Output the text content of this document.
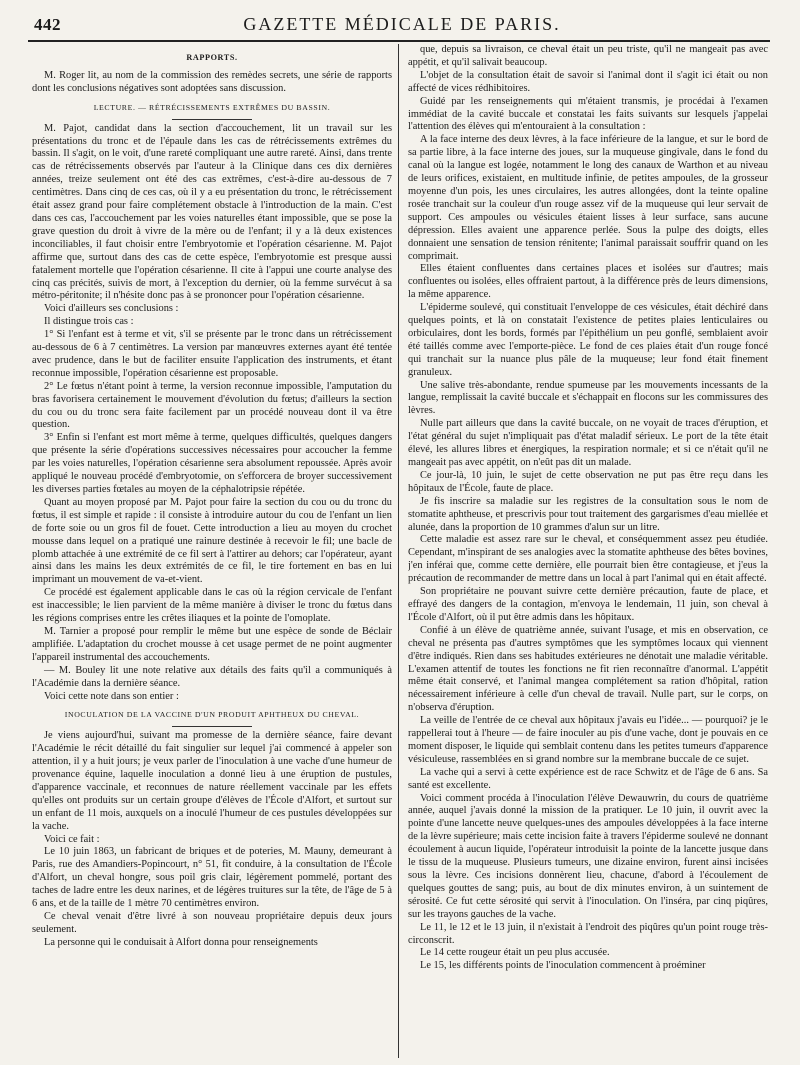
442	GAZETTE MÉDICALE DE PARIS.

RAPPORTS.

M. Roger lit, au nom de la commission des remèdes secrets, une série de rapports dont les conclusions négatives sont adoptées sans discussion.

LECTURE. — RÉTRÉCISSEMENTS EXTRÊMES DU BASSIN.

M. Pajot, candidat dans la section d'accouchement, lit un travail sur les présentations du tronc et de l'épaule dans les cas de rétrécissements extrêmes du bassin. Il s'agit, on le voit, d'une rareté compliquant une autre rareté. Ainsi, dans trente cas de rétrécissements observés par l'auteur à la Clinique dans ces dix dernières années, treize seulement ont été des cas extrêmes, c'est-à-dire au-dessous de 7 centimètres. Dans cinq de ces cas, où il y a eu présentation du tronc, le rétrécissement était assez grand pour faire complétement obstacle à l'introduction de la main. C'est dans ces cas, l'accouchement par les voies naturelles étant impossible, que se pose la grave question du droit à vivre de la mère ou de l'enfant; il y a là deux existences inconciliables, il faut choisir entre l'embryotomie et l'opération césarienne. M. Pajot affirme que, surtout dans des cas de cette espèce, l'embryotomie est presque aussi fatalement mortelle que l'opération césarienne. Il cite à l'appui une courte analyse des cinq cas précités, suivis de mort, à l'exception du dernier, où la femme survécut à sa métro-péritonite; il n'hésite donc pas à se prononcer pour l'opération césarienne.

Voici d'ailleurs ses conclusions :

Il distingue trois cas :

1° Si l'enfant est à terme et vit, s'il se présente par le tronc dans un rétrécissement au-dessous de 6 à 7 centimètres. La version par manœuvres externes ayant été tentée avec prudence, dans le but de faciliter ensuite l'application des instruments, et étant reconnue impossible, l'opération césarienne est proposable.

2° Le fœtus n'étant point à terme, la version reconnue impossible, l'amputation du bras favorisera certainement le mouvement d'évolution du fœtus; d'ailleurs la section du cou ou du tronc sera faite facilement par un procédé nouveau dont il va être question.

3° Enfin si l'enfant est mort même à terme, quelques difficultés, quelques dangers que présente la série d'opérations successives nécessaires pour accoucher la femme par les voies naturelles, l'opération césarienne sera absolument repoussée. Après avoir appliqué le nouveau procédé d'embryotomie, on s'efforcera de broyer successivement les diverses parties fœtales au moyen de la céphalotripsie répétée.

Quant au moyen proposé par M. Pajot pour faire la section du cou ou du tronc du fœtus, il est simple et rapide : il consiste à introduire autour du cou de l'enfant un lien de forte soie ou un gros fil de fouet. Cette introduction a lieu au moyen du crochet mousse dans lequel on a pratiqué une rainure destinée à recevoir le fil; une bacle de plomb attachée à une extrémité de ce fil sert à l'attirer au dehors; car l'opérateur, ayant ainsi dans les mains les deux extrémités de ce fil, le tire fortement en bas en lui imprimant un mouvement de va-et-vient.

Ce procédé est également applicable dans le cas où la région cervicale de l'enfant est inaccessible; le lien parvient de la même manière à diviser le tronc du fœtus dans les régions comprises entre les crêtes iliaques et la pointe de l'omoplate.

M. Tarnier a proposé pour remplir le même but une espèce de sonde de Béclair amplifiée. L'adaptation du crochet mousse à cet usage permet de ne point augmenter l'appareil instrumental des accouchements.

— M. Bouley lit une note relative aux détails des faits qu'il a communiqués à l'Académie dans la dernière séance.

Voici cette note dans son entier :

INOCULATION DE LA VACCINE D'UN PRODUIT APHTHEUX DU CHEVAL.

Je viens aujourd'hui, suivant ma promesse de la dernière séance, faire devant l'Académie le récit détaillé du fait singulier sur lequel j'ai commencé à appeler son attention, il y a huit jours; je veux parler de l'inoculation à une vache d'une humeur de provenance équine, laquelle inoculation a donné lieu à une éruption de pustules, d'apparence vaccinale, et reconnues de nature réellement vaccinale par les effets qu'elles ont produits sur un certain groupe d'élèves de l'École d'Alfort, et surtout sur un enfant de 11 mois, auxquels on a inoculé l'humeur de ces pustules développées sur la vache.

Voici ce fait :

Le 10 juin 1863, un fabricant de briques et de poteries, M. Mauny, demeurant à Paris, rue des Amandiers-Popincourt, n° 51, fit conduire, à la consultation de l'École d'Alfort, un cheval hongre, sous poil gris clair, légèrement pommelé, portant des taches de ladre entre les deux narines, et de légères truitures sur la tête, de l'âge de 5 à 6 ans, et de la taille de 1 mètre 70 centimètres environ.

Ce cheval venait d'être livré à son nouveau propriétaire depuis deux jours seulement.

La personne qui le conduisait à Alfort donna pour renseignements

que, depuis sa livraison, ce cheval était un peu triste, qu'il ne mangeait pas avec appétit, et qu'il salivait beaucoup.

L'objet de la consultation était de savoir si l'animal dont il s'agit ici était ou non affecté de vices rédhibitoires.

Guidé par les renseignements qui m'étaient transmis, je procédai à l'examen immédiat de la cavité buccale et constatai les faits suivants sur lesquels j'appelai l'attention des élèves qui m'entouraient à la consultation :

A la face interne des deux lèvres, à la face inférieure de la langue, et sur le bord de sa partie libre, à la face interne des joues, sur la muqueuse gingivale, dans le fond du canal où la langue est logée, notamment le long des canaux de Warthon et au niveau de leurs orifices, existaient, en multitude infinie, de petites ampoules, de la grosseur moyenne d'un pois, les unes circulaires, les autres allongées, dont la teinte opaline rosée tranchait sur la couleur d'un rouge assez vif de la muqueuse qui leur servait de support. Ces ampoules ou vésicules étaient lisses à leur surface, sans aucune dépression. Elles avaient une apparence perlée. Sous la pulpe des doigts, elles donnaient une sensation de tension rénitente; l'animal paraissait souffrir quand on les comprimait.

Elles étaient confluentes dans certaines places et isolées sur d'autres; mais confluentes ou isolées, elles offraient partout, à la différence près de leurs dimensions, la même apparence.

L'épiderme soulevé, qui constituait l'enveloppe de ces vésicules, était déchiré dans quelques points, et là on constatait l'existence de petites plaies lenticulaires ou orbiculaires, dont les bords, formés par l'épithélium un peu gonflé, semblaient avoir été taillés comme avec l'emporte-pièce. Le fond de ces plaies était d'un rouge foncé qui tranchait sur la nuance plus pâle de la muqueuse; leur fond était finement granuleux.

Une salive très-abondante, rendue spumeuse par les mouvements incessants de la langue, remplissait la cavité buccale et s'échappait en flocons sur les commissures des lèvres.

Nulle part ailleurs que dans la cavité buccale, on ne voyait de traces d'éruption, et l'état général du sujet n'impliquait pas d'état maladif sérieux. Le port de la tête était élevé, les allures libres et énergiques, la respiration normale; et si ce n'était qu'il ne mangeait pas avec appétit, on n'eût pas dit un malade.

Ce jour-là, 10 juin, le sujet de cette observation ne put pas être reçu dans les hôpitaux de l'École, faute de place.

Je fis inscrire sa maladie sur les registres de la consultation sous le nom de stomatite aphtheuse, et prescrivis pour tout traitement des gargarismes d'eau miellée et alunée, dans la proportion de 10 grammes d'alun sur un litre.

Cette maladie est assez rare sur le cheval, et conséquemment assez peu étudiée. Cependant, m'inspirant de ses analogies avec la stomatite aphtheuse des bêtes bovines, j'en inférai que, comme cette dernière, elle pourrait bien être contagieuse, et j'eus la précaution de recommander de mettre dans un local à part l'animal qui en était affecté.

Son propriétaire ne pouvant suivre cette dernière précaution, faute de place, et effrayé des dangers de la contagion, m'envoya le lendemain, 11 juin, son cheval à l'École d'Alfort, où il put être admis dans les hôpitaux.

Confié à un élève de quatrième année, suivant l'usage, et mis en observation, ce cheval ne présenta pas d'autres symptômes que les symptômes locaux qui viennent d'être indiqués. Rien dans ses habitudes extérieures ne dénotait une maladie véritable. L'examen attentif de toutes les fonctions ne fit rien reconnaître d'anormal. L'appétit même était conservé, et l'animal mangea complétement sa ration d'hôpital, ration nécessairement inférieure à celle d'un cheval de travail. Nulle part, sur le corps, on n'observa d'éruption.

La veille de l'entrée de ce cheval aux hôpitaux j'avais eu l'idée... — pourquoi? je le rappellerai tout à l'heure — de faire inoculer au pis d'une vache, dont je pouvais en ce moment disposer, le liquide qui semblait contenu dans les petites tumeurs d'apparence vésiculeuse, rassemblées en si grand nombre sur la membrane buccale de ce sujet.

La vache qui a servi à cette expérience est de race Schwitz et de l'âge de 6 ans. Sa santé est excellente.

Voici comment procéda à l'inoculation l'élève Dewauwrin, du cours de quatrième année, auquel j'avais donné la mission de la pratiquer. Le 10 juin, il ouvrit avec la pointe d'une lancette neuve quelques-unes des ampoules développées à la face interne de la lèvre supérieure; mais cette incision faite à travers l'épiderme soulevé ne donnant écoulement à aucun liquide, l'opérateur introduisit la pointe de la lancette jusque dans le tissu de la muqueuse. Plusieurs tumeurs, une dizaine environ, furent ainsi incisées sous la lèvre. Ces incisions donnèrent lieu, chacune, d'abord à l'écoulement de quelques gouttes de sang; puis, au bout de dix minutes environ, à un suintement de sérosité. Ce fut cette sérosité qui servit à l'inoculation. On l'inséra, par cinq piqûres, sur les trayons gauches de la vache.

Le 11, le 12 et le 13 juin, il n'existait à l'endroit des piqûres qu'un point rouge très-circonscrit.

Le 14 cette rougeur était un peu plus accusée.

Le 15, les différents points de l'inoculation commencent à proéminer
